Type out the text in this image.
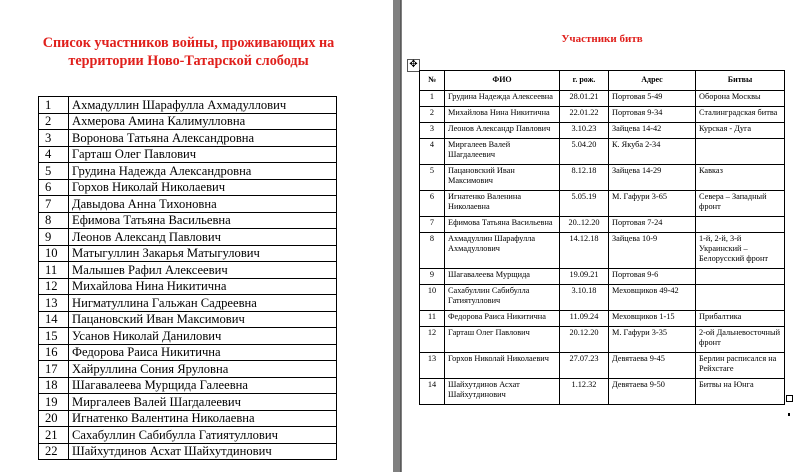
Список участников войны, проживающих на территории Ново-Татарской слободы
1	Ахмадуллин Шарафулла Ахмадуллович
2	Ахмерова Амина Калимулловна
3	Воронова Татьяна Александровна
4	Гарташ Олег Павлович
5	Грудина Надежда Александровна
6	Горхов Николай Николаевич
7	Давыдова Анна Тихоновна
8	Ефимова Татьяна Васильевна
9	Леонов Александ Павлович
10	Матыгуллин Закарья Матыгулович
11	Малышев Рафил Алексеевич
12	Михайлова Нина Никитична
13	Нигматуллина Гальжан Садреевна
14	Пацановский Иван Максимович
15	Усанов Николай Данилович
16	Федорова Раиса Никитична
17	Хайруллина Сония Яруловна
18	Шагавалеева Мурщида Галеевна
19	Миргалеев Валей Шагдалеевич
20	Игнатенко Валентина Николаевна
21	Сахабуллин Сабибулла Гатиятуллович
22	Шайхутдинов Асхат Шайхутдинович
Участники битв
✥
№	ФИО	г. рож.	Адрес	Битвы
1	Грудина Надежда Алексеевна	28.01.21	Портовая 5-49	Оборона Москвы
2	Михайлова Нина Никитична	22.01.22	Портовая 9-34	Сталинградская битва
3	Леонов Александр Павлович	3.10.23	Зайцева 14-42	Курская - Дуга
4	Миргалеев Валей Шагдалеевич	5.04.20	К. Якуба 2-34	
5	Пацановский Иван Максимович	8.12.18	Зайцева 14-29	Кавказ
6	Игнатенко Валенина Николаевна	5.05.19	М. Гафури 3-65	Севера – Западный фронт
7	Ефимова Татьяна Васильевна	20..12.20	Портовая 7-24	
8	Ахмадуллин Шарафулла Ахмадуллович	14.12.18	Зайцева 10-9	1-й, 2-й, 3-й Украинский – Белорусский фронт
9	Шагавалеева Мурщида	19.09.21	Портовая 9-6	
10	Сахабуллин Сабибулла Гатиятуллович	3.10.18	Меховщиков 49-42	
11	Федорова Раиса Никитична	11.09.24	Меховщиков 1-15	Прибалтика
12	Гарташ Олег Павлович	20.12.20	М. Гафури 3-35	2-ой Дальневосточный фронт
13	Горхов Николай Николаевич	27.07.23	Девятаева 9-45	Берлин расписался на Рейхстаге
14	Шайхутдинов Асхат Шайхутдинович	1.12.32	Девятаева 9-50	Битвы на Юнга
